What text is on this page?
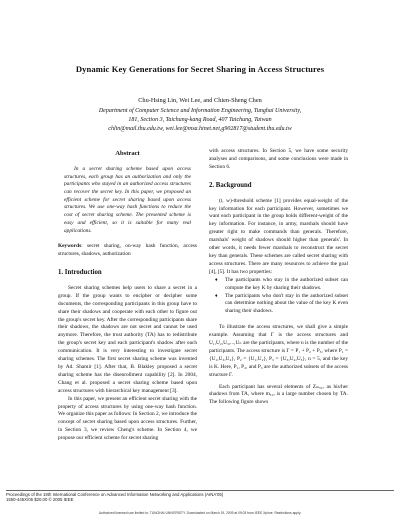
Dynamic Key Generations for Secret Sharing in Access Structures
Chu-Hsing Lin, Wei Lee, and Chien-Sheng Chen
Department of Computer Science and Information Engineering, Tunghai University,
181, Section 3, Taichung-kang Road, 407 Taichung, Taiwan
chlin@mail.thu.edu.tw, wei.lee@msa.hinet.net,g902817@student.thu.edu.tw
Abstract

In a secret sharing scheme based upon access structures, each group has an authorization and only the participants who stayed in an authorized access structures can recover the secret key. In this paper, we proposed an efficient scheme for secret sharing based upon access structures. We use one-way hash functions to reduce the cost of secret sharing scheme. The presented scheme is easy and efficient, so it is suitable for many real applications.

Keywords: secret sharing, on-way hash function, access structures, shadows, authorization

1. Introduction

Secret sharing schemes help users to share a secret in a group. If the group wants to encipher or decipher some documents, the corresponding participants in this group have to share their shadows and cooperate with each other to figure out the group's secret key. After the corresponding participants share their shadows, the shadows are not secret and cannot be used anymore. Therefore, the trust authority (TA) has to redistribute the group's secret key and each participant's shadow after each communication. It is very interesting to investigate secret sharing schemes. The first secret sharing scheme was invented by Ad. Shamir [1]. After that, B. Blakley proposed a secret sharing scheme has the disenrollment capability [2]. In 2004, Chang et al. proposed a secret sharing scheme based upon access structures with hierarchical key management [3].

In this paper, we present an efficient secret sharing with the property of access structures by using one-way hash function. We organize this paper as follows: In Section 2, we introduce the concept of secret sharing based upon access structures. Further, in Section 3, we review Cheng's scheme. In Section 4, we propose our efficient scheme for secret sharing

with access structures. In Section 5, we have some security analyses and comparisons, and some conclusions were made in Section 6.

2. Background

(t, w)-threshold scheme [1] provides equal-weight of the key information for each participant. However, sometimes we want each participant in the group holds different-weight of the key information. For instance, in army, marshals should have greater right to make commands than generals. Therefore, marshals' weight of shadows should higher than generals'. In other words, it needs fewer marshals to reconstruct the secret key than generals. These schemes are called secret sharing with access structures. There are many resources to achieve the goal [4], [5]. It has two properties:

♦	The participants who stay in the authorized subset can compute the key K by sharing their shadows.
♦	The participants who don't stay in the authorized subset can determine nothing about the value of the key K even sharing their shadows.

To illustrate the access structures, we shall give a simple example. Assuming that Γ is the access structures and U₁,U₂,U₃,...,Uₙ are the participants, where n is the number of the participants. The access structure is Γ = P₁ + P₂ + P₃, where P₁ = {U₁,U₃,U₄}, P₂ = {U₁,U₂}, P₃ = {U₃,U₄,U₅}, n = 5, and the key is K. Here, P₁, P₂, and P₃ are the authorized subsets of the access structure Γ.

Each participant has several elements of Zₘₓ₁ₒ as his/her shadows from TA, where mₓ₁ₒ is a large number chosen by TA. The following figure shows

Proceedings of the 19th International Conference on Advanced Information Networking and Applications (AINA'05)
1550-445X/05 $20.00 © 2005 IEEE
Authorized licensed use limited to: TUNGHAI UNIVERSITY. Downloaded on March 19, 2009 at 09:03 from IEEE Xplore. Restrictions apply.
